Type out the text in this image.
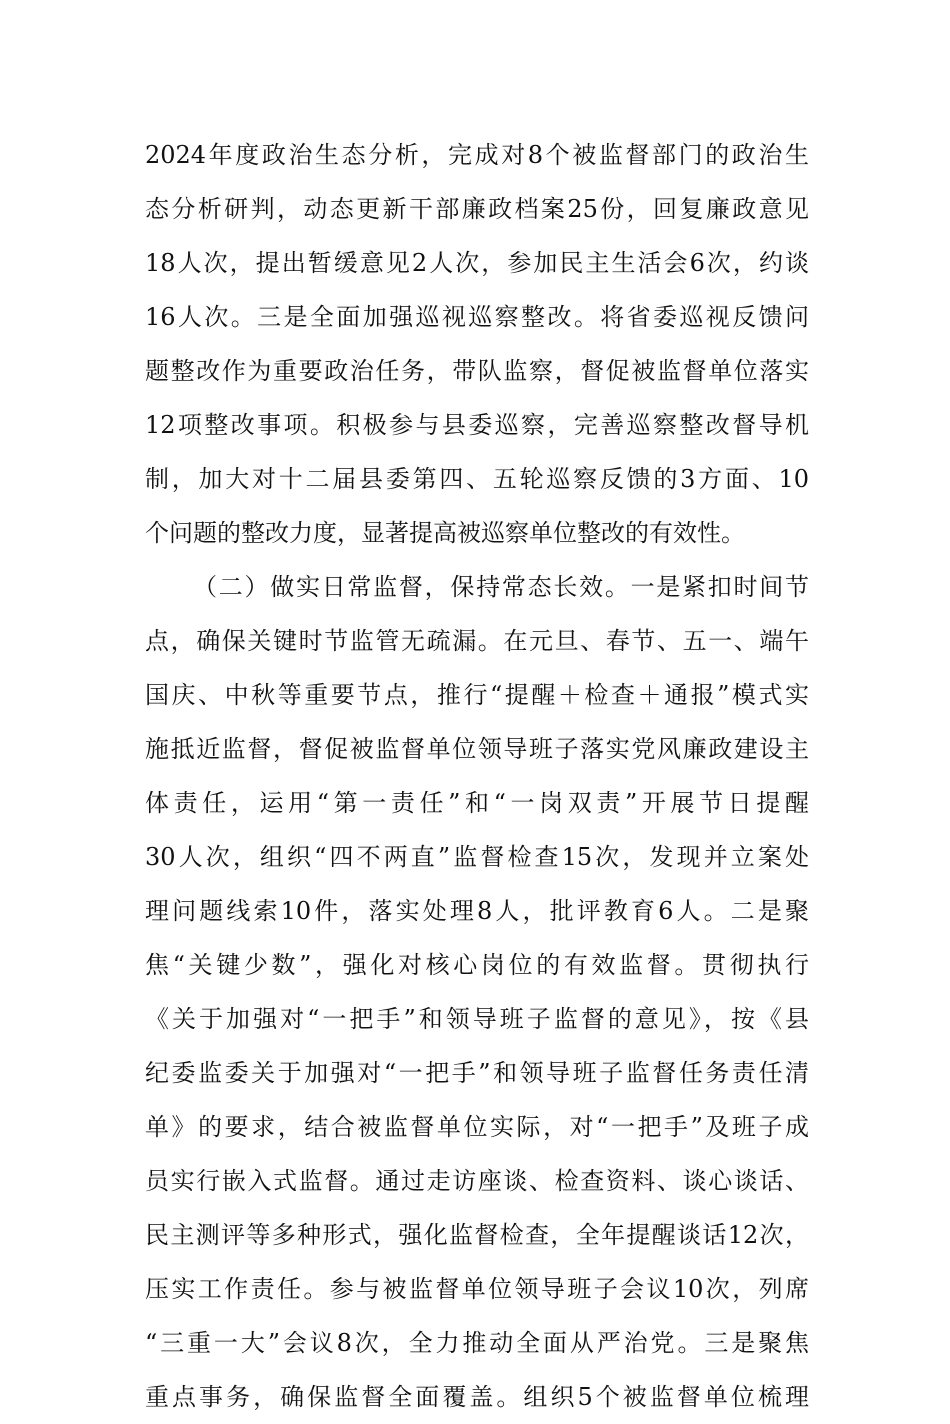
2024年度政治生态分析，完成对8个被监督部门的政治生
态分析研判，动态更新干部廉政档案25份，回复廉政意见
18人次，提出暂缓意见2人次，参加民主生活会6次，约谈
16人次。三是全面加强巡视巡察整改。将省委巡视反馈问
题整改作为重要政治任务，带队监察，督促被监督单位落实
12项整改事项。积极参与县委巡察，完善巡察整改督导机
制，加大对十二届县委第四、五轮巡察反馈的3方面、10
个问题的整改力度，显著提高被巡察单位整改的有效性。
（二）做实日常监督，保持常态长效。一是紧扣时间节
点，确保关键时节监管无疏漏。在元旦、春节、五一、端午
国庆、中秋等重要节点，推行“提醒＋检查＋通报”模式实
施抵近监督，督促被监督单位领导班子落实党风廉政建设主
体责任，运用“第一责任”和“一岗双责”开展节日提醒
30人次，组织“四不两直”监督检查15次，发现并立案处
理问题线索10件，落实处理8人，批评教育6人。二是聚
焦“关键少数”，强化对核心岗位的有效监督。贯彻执行
《关于加强对“一把手”和领导班子监督的意见》，按《县
纪委监委关于加强对“一把手”和领导班子监督任务责任清
单》的要求，结合被监督单位实际，对“一把手”及班子成
员实行嵌入式监督。通过走访座谈、检查资料、谈心谈话、
民主测评等多种形式，强化监督检查，全年提醒谈话12次，
压实工作责任。参与被监督单位领导班子会议10次，列席
“三重一大”会议8次，全力推动全面从严治党。三是聚焦
重点事务，确保监督全面覆盖。组织5个被监督单位梳理
